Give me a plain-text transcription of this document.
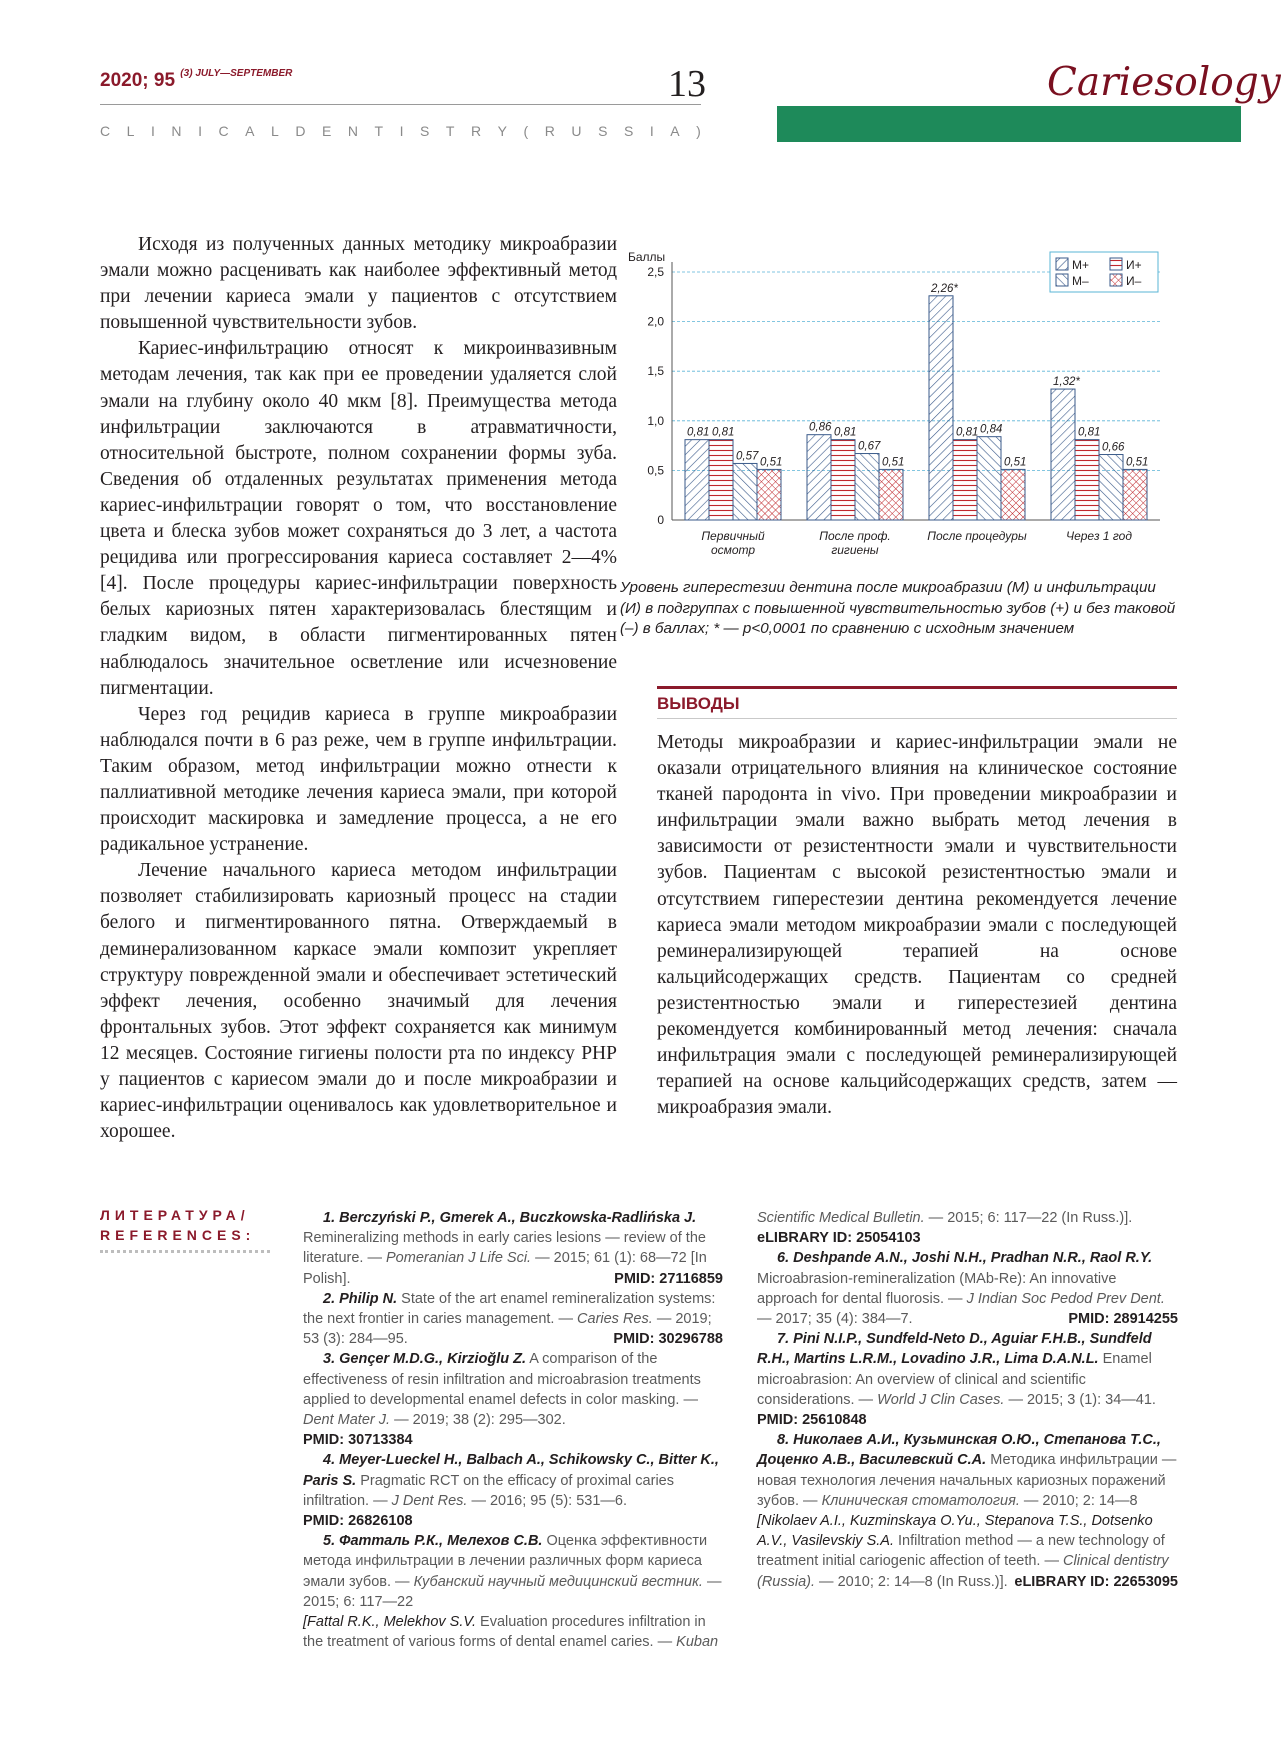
2020; 95 $^{(3) JULY—SEPTEMBER}$	13
C L I N I C A L D E N T I S T R Y ( R U S S I A )
Cariesology

Исходя из полученных данных методику микроабразии эмали можно расценивать как наиболее эффективный метод при лечении кариеса эмали у пациентов с отсутствием повышенной чувствительности зубов.

Кариес-инфильтрацию относят к микроинвазивным методам лечения, так как при ее проведении удаляется слой эмали на глубину около 40 мкм [8]. Преимущества метода инфильтрации заключаются в атравматичности, относительной быстроте, полном сохранении формы зуба. Сведения об отдаленных результатах применения метода кариес-инфильтрации говорят о том, что восстановление цвета и блеска зубов может сохраняться до 3 лет, а частота рецидива или прогрессирования кариеса составляет 2—4% [4]. После процедуры кариес-инфильтрации поверхность белых кариозных пятен характеризовалась блестящим и гладким видом, в области пигментированных пятен наблюдалось значительное осветление или исчезновение пигментации.

Через год рецидив кариеса в группе микроабразии наблюдался почти в 6 раз реже, чем в группе инфильтрации. Таким образом, метод инфильтрации можно отнести к паллиативной методике лечения кариеса эмали, при которой происходит маскировка и замедление процесса, а не его радикальное устранение.

Лечение начального кариеса методом инфильтрации позволяет стабилизировать кариозный процесс на стадии белого и пигментированного пятна. Отверждаемый в деминерализованном каркасе эмали композит укрепляет структуру поврежденной эмали и обеспечивает эстетический эффект лечения, особенно значимый для лечения фронтальных зубов. Этот эффект сохраняется как минимум 12 месяцев. Состояние гигиены полости рта по индексу PHP у пациентов с кариесом эмали до и после микроабразии и кариес-инфильтрации оценивалось как удовлетворительное и хорошее.

Баллы
0
0,5
1,0
1,5
2,0
2,5
0,81	0,86
2,26*
1,32*
0,81	0,81	0,81	0,81
0,57
0,67
0,84
0,66
0,51	0,51	0,51	0,51
Первичный
осмотр
После проф.
гигиены
После процедуры	Через 1 год
М+	И+
М–	И–
Уровень гиперестезии дентина после микроабразии (М) и инфильтрации (И) в подгруппах с повышенной чувствительностью зубов (+) и без таковой (–) в баллах; * — p<0,0001 по сравнению с исходным значением
ВЫВОДЫ

Методы микроабразии и кариес-инфильтрации эмали не оказали отрицательного влияния на клиническое состояние тканей пародонта in vivo. При проведении микроабразии и инфильтрации эмали важно выбрать метод лечения в зависимости от резистентности эмали и чувствительности зубов. Пациентам с высокой резистентностью эмали и отсутствием гиперестезии дентина рекомендуется лечение кариеса эмали методом микроабразии эмали с последующей реминерализирующей терапией на основе кальцийсодержащих средств. Пациентам со средней резистентностью эмали и гиперестезией дентина рекомендуется комбинированный метод лечения: сначала инфильтрация эмали с последующей реминерализирующей терапией на основе кальцийсодержащих средств, затем — микроабразия эмали.

ЛИТЕРАТУРА/
REFERENCES:

1. Berczyński P., Gmerek A., Buczkowska-Radlińska J. Remineralizing methods in early caries lesions — review of the literature. — Pomeranian J Life Sci. — 2015; 61 (1): 68—72 [In Polish].	PMID: 27116859

2. Philip N. State of the art enamel remineralization systems: the next frontier in caries management. — Caries Res. — 2019; 53 (3): 284—95.	PMID: 30296788

3. Gençer M.D.G., Kirzioğlu Z. A comparison of the effectiveness of resin infiltration and microabrasion treatments applied to developmental enamel defects in color masking. — Dent Mater J. — 2019; 38 (2): 295—302.
PMID: 30713384

4. Meyer-Lueckel H., Balbach A., Schikowsky C., Bitter K., Paris S. Pragmatic RCT on the efficacy of proximal caries infiltration. — J Dent Res. — 2016; 95 (5): 531—6.
PMID: 26826108

5. Фатталь Р.К., Мелехов С.В. Оценка эффективности метода инфильтрации в лечении различных форм кариеса эмали зубов. — Кубанский научный медицинский вестник. — 2015; 6: 117—22

[Fattal R.K., Melekhov S.V. Evaluation procedures infiltration in the treatment of various forms of dental enamel caries. — Kuban

Scientific Medical Bulletin. — 2015; 6: 117—22 (In Russ.)].
eLIBRARY ID: 25054103

6. Deshpande A.N., Joshi N.H., Pradhan N.R., Raol R.Y. Microabrasion-remineralization (MAb-Re): An innovative approach for dental fluorosis. — J Indian Soc Pedod Prev Dent. — 2017; 35 (4): 384—7.	PMID: 28914255

7. Pini N.I.P., Sundfeld-Neto D., Aguiar F.H.B., Sundfeld R.H., Martins L.R.M., Lovadino J.R., Lima D.A.N.L. Enamel microabrasion: An overview of clinical and scientific considerations. — World J Clin Cases. — 2015; 3 (1): 34—41.
PMID: 25610848

8. Николаев А.И., Кузьминская О.Ю., Степанова Т.С., Доценко А.В., Василевский С.А. Методика инфильтрации — новая технология лечения начальных кариозных поражений зубов. — Клиническая стоматология. — 2010; 2: 14—8

[Nikolaev A.I., Kuzminskaya O.Yu., Stepanova T.S., Dotsenko A.V., Vasilevskiy S.A. Infiltration method — a new technology of treatment initial cariogenic affection of teeth. — Clinical dentistry (Russia). — 2010; 2: 14—8 (In Russ.)]. eLIBRARY ID: 22653095
